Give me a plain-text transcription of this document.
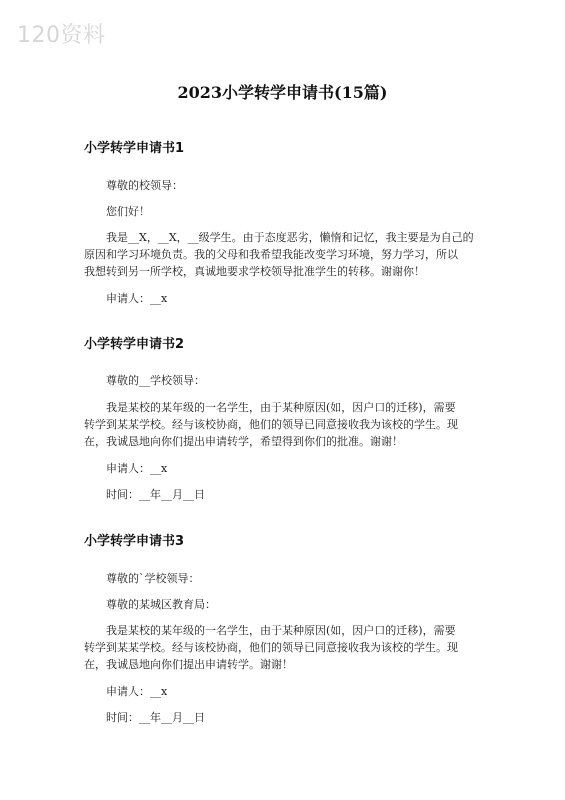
120资料
2023小学转学申请书(15篇)

小学转学申请书1

尊敬的校领导：

您们好！

我是__X，__X，__级学生。由于态度恶劣，懒惰和记忆，我主要是为自己的

原因和学习环境负责。我的父母和我希望我能改变学习环境，努力学习，所以

我想转到另一所学校，真诚地要求学校领导批准学生的转移。谢谢你！

申请人：__x

小学转学申请书2

尊敬的__学校领导：

我是某校的某年级的一名学生，由于某种原因(如，因户口的迁移)，需要

转学到某某学校。经与该校协商，他们的领导已同意接收我为该校的学生。现

在，我诚恳地向你们提出申请转学，希望得到你们的批准。谢谢！

申请人：__x

时间：__年__月__日

小学转学申请书3

尊敬的`学校领导：

尊敬的某城区教育局：

我是某校的某年级的一名学生，由于某种原因(如，因户口的迁移)，需要

转学到某某学校。经与该校协商，他们的领导已同意接收我为该校的学生。现

在，我诚恳地向你们提出申请转学。谢谢！

申请人：__x

时间：__年__月__日
